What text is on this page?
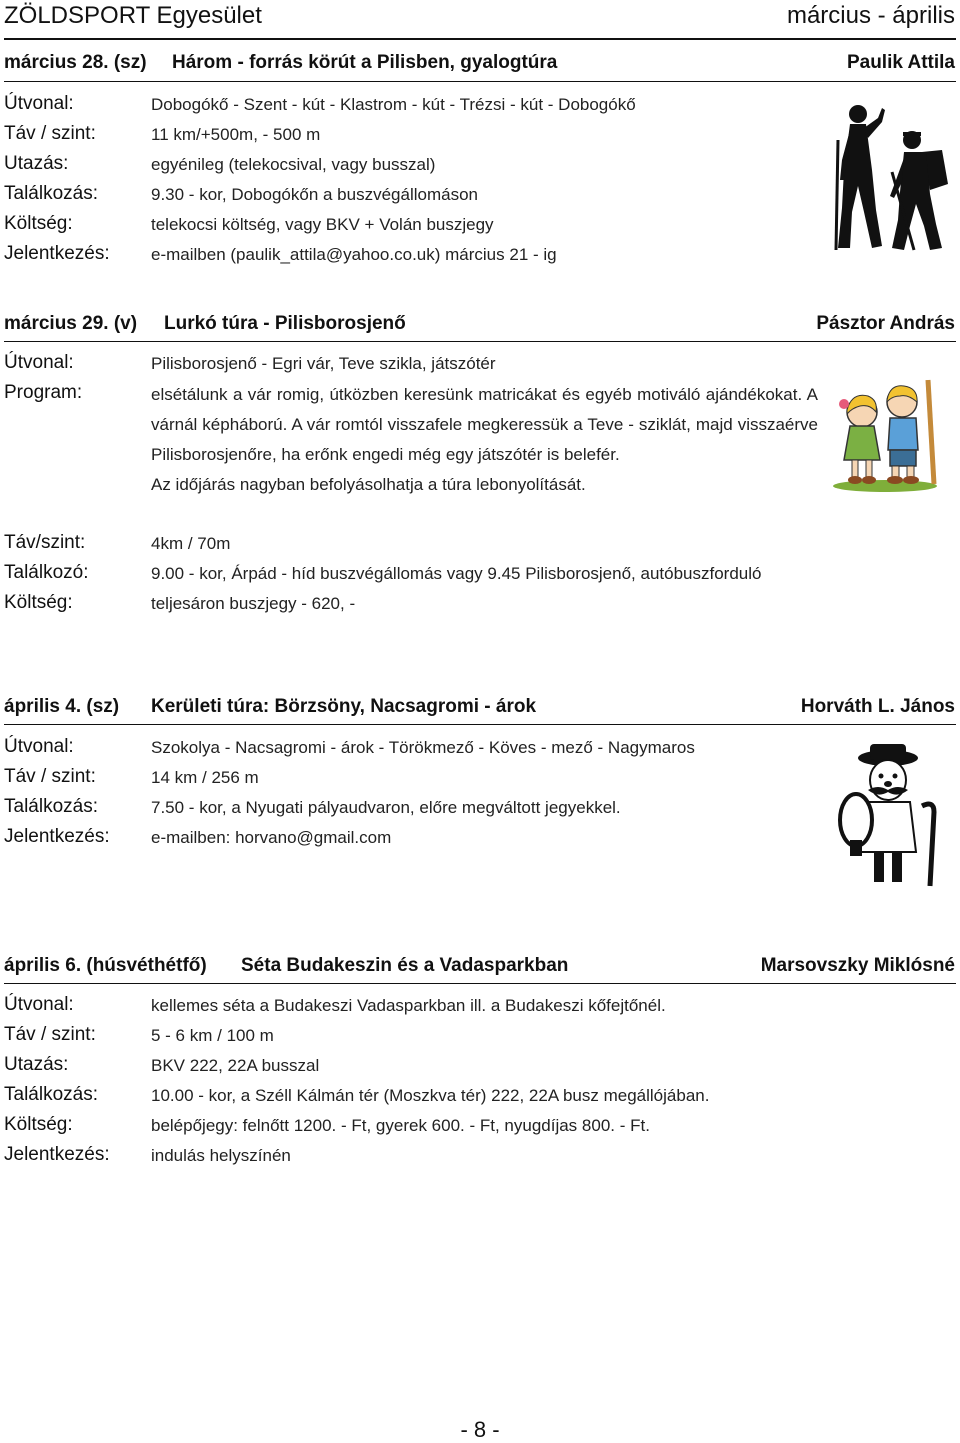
ZÖLDSPORT Egyesület	március - április
március 28. (sz) Három - forrás körút a Pilisben, gyalogtúra	Paulik Attila
Útvonal:	Dobogókő - Szent - kút - Klastrom - kút - Trézsi - kút - Dobogókő
Táv / szint:	11 km/+500m, - 500 m
Utazás:	egyénileg (telekocsival, vagy busszal)
Találkozás:	9.30 - kor, Dobogókőn a buszvégállomáson
Költség:	telekocsi költség, vagy BKV + Volán buszjegy
Jelentkezés: e-mailben (paulik_attila@yahoo.co.uk) március 21 - ig
március 29. (v) Lurkó túra - Pilisborosjenő	Pásztor András
Útvonal:	Pilisborosjenő - Egri vár, Teve szikla, játszótér
Program:	elsétálunk a vár romig, útközben keresünk matricákat és egyéb motiváló ajándékokat. A várnál képháború. A vár romtól visszafele megkeressük a Teve - sziklát, majd visszaérve Pilisborosjenőre, ha erőnk engedi még egy játszótér is belefér.

Az időjárás nagyban befolyásolhatja a túra lebonyolítását.

Táv/szint:	4km / 70m
Találkozó:	9.00 - kor, Árpád - híd buszvégállomás vagy 9.45 Pilisborosjenő, autóbuszforduló
Költség:	teljesáron buszjegy - 620, -
április 4. (sz) Kerületi túra: Börzsöny, Nacsagromi - árok	Horváth L. János
Útvonal:	Szokolya - Nacsagromi - árok - Törökmező - Köves - mező - Nagymaros
Táv / szint:	14 km / 256 m
Találkozás:	7.50 - kor, a Nyugati pályaudvaron, előre megváltott jegyekkel.
Jelentkezés: e-mailben: horvano@gmail.com
április 6. (húsvéthétfő) Séta Budakeszin és a Vadasparkban	Marsovszky Miklósné
Útvonal:	kellemes séta a Budakeszi Vadasparkban ill. a Budakeszi kőfejtőnél.
Táv / szint:	5 - 6 km / 100 m
Utazás:	BKV 222, 22A busszal
Találkozás:	10.00 - kor, a Széll Kálmán tér (Moszkva tér) 222, 22A busz megállójában.
Költség:	belépőjegy: felnőtt 1200. - Ft, gyerek 600. - Ft, nyugdíjas 800. - Ft.
Jelentkezés: indulás helyszínén
- 8 -
